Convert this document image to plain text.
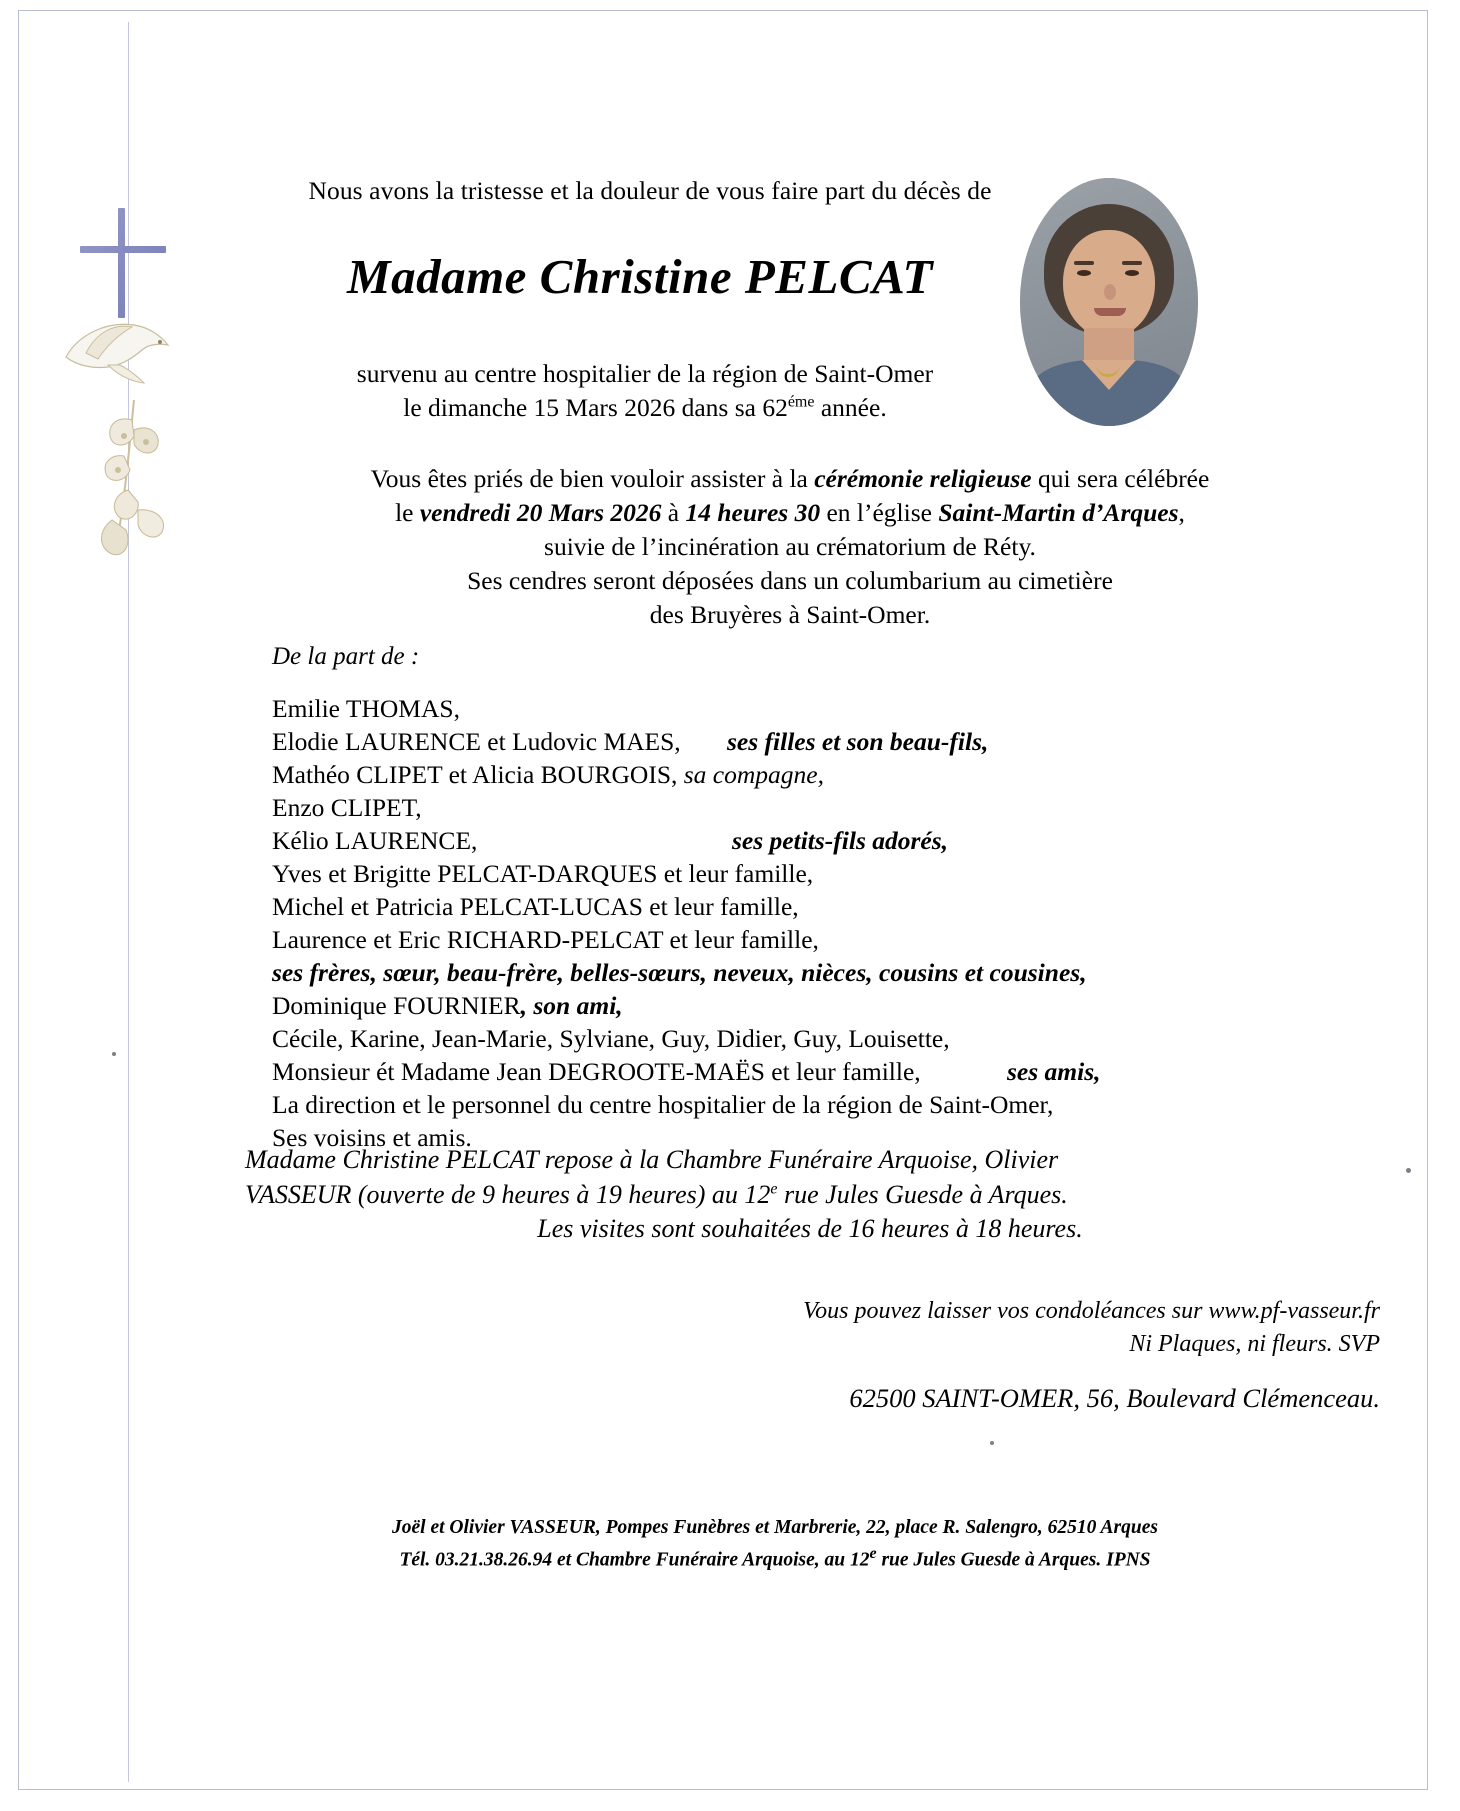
Nous avons la tristesse et la douleur de vous faire part du décès de
Madame Christine PELCAT
survenu au centre hospitalier de la région de Saint-Omer
le dimanche 15 Mars 2026 dans sa $62^{éme}$ année.
Vous êtes priés de bien vouloir assister à la cérémonie religieuse qui sera célébrée
le vendredi 20 Mars 2026 à 14 heures 30 en l’église Saint-Martin d’Arques,
suivie de l’incinération au crématorium de Réty.
Ses cendres seront déposées dans un columbarium au cimetière
des Bruyères à Saint-Omer.
De la part de :
Emilie THOMAS,
Elodie LAURENCE et Ludovic MAES, ses filles et son beau-fils,
Mathéo CLIPET et Alicia BOURGOIS, sa compagne,
Enzo CLIPET,
Kélio LAURENCE,	ses petits-fils adorés,
Yves et Brigitte PELCAT-DARQUES et leur famille,
Michel et Patricia PELCAT-LUCAS et leur famille,
Laurence et Eric RICHARD-PELCAT et leur famille,
ses frères, sœur, beau-frère, belles-sœurs, neveux, nièces, cousins et cousines,
Dominique FOURNIER, son ami,
Cécile, Karine, Jean-Marie, Sylviane, Guy, Didier, Guy, Louisette,
Monsieur ét Madame Jean DEGROOTE-MAËS et leur famille,	ses amis,
La direction et le personnel du centre hospitalier de la région de Saint-Omer,
Ses voisins et amis.
Madame Christine PELCAT repose à la Chambre Funéraire Arquoise, Olivier
VASSEUR (ouverte de 9 heures à 19 heures) au 12e rue Jules Guesde à Arques.
Les visites sont souhaitées de 16 heures à 18 heures.
Vous pouvez laisser vos condoléances sur www.pf-vasseur.fr
Ni Plaques, ni fleurs. SVP
62500 SAINT-OMER, 56, Boulevard Clémenceau.
Joël et Olivier VASSEUR, Pompes Funèbres et Marbrerie, 22, place R. Salengro, 62510 Arques
Tél. 03.21.38.26.94 et Chambre Funéraire Arquoise, au 12e rue Jules Guesde à Arques. IPNS
